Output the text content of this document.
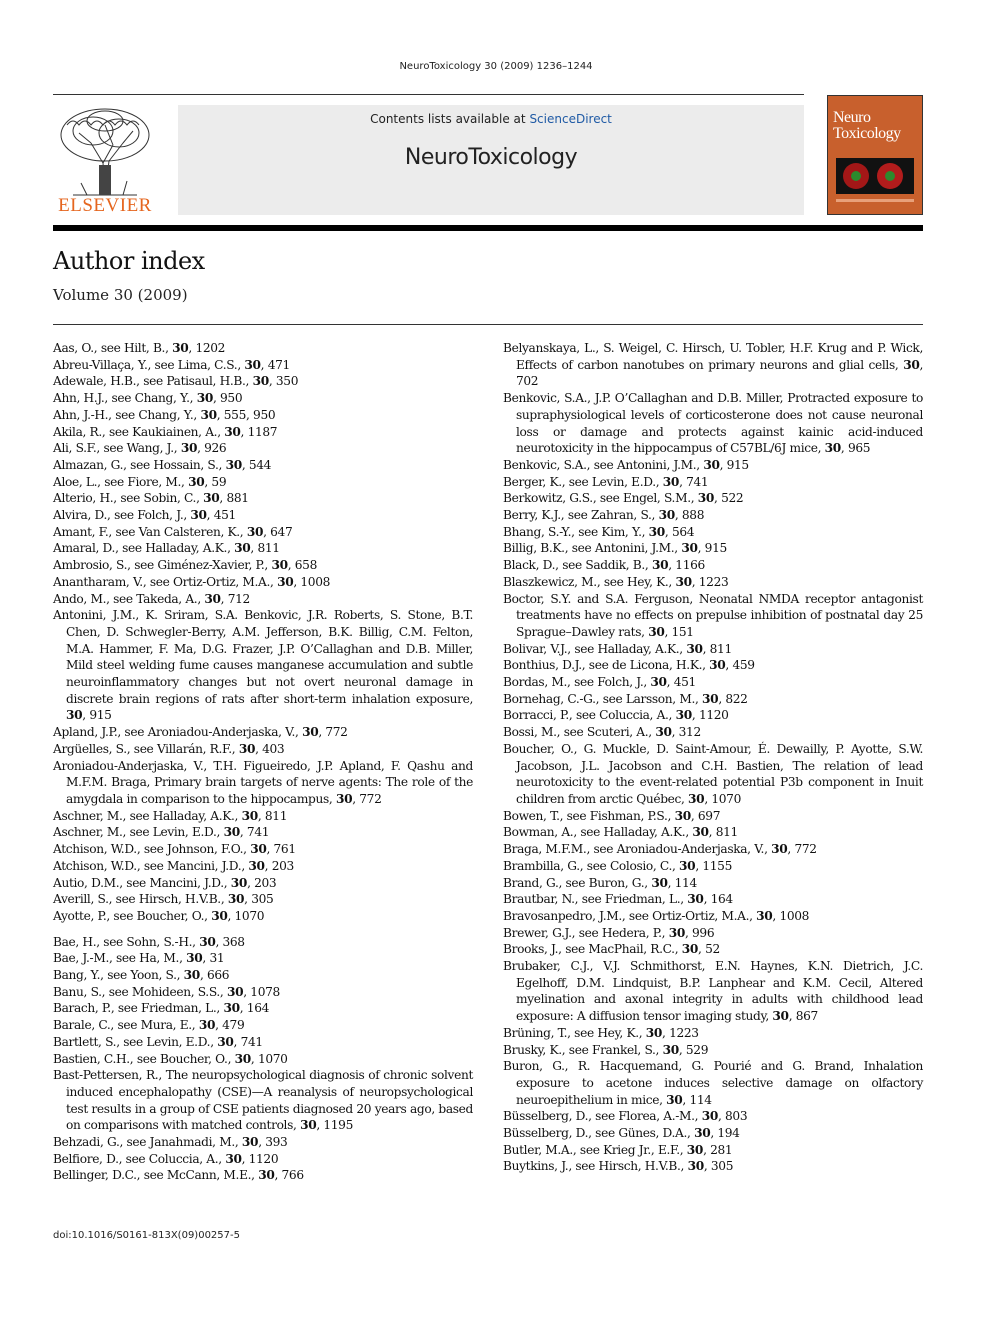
NeuroToxicology 30 (2009) 1236–1244
ELSEVIER
Contents lists available at ScienceDirect
NeuroToxicology
Neuro
Toxicology
Author index
Volume 30 (2009)
Aas, O., see Hilt, B., 30, 1202
Abreu-Villaça, Y., see Lima, C.S., 30, 471
Adewale, H.B., see Patisaul, H.B., 30, 350
Ahn, H.J., see Chang, Y., 30, 950
Ahn, J.-H., see Chang, Y., 30, 555, 950
Akila, R., see Kaukiainen, A., 30, 1187
Ali, S.F., see Wang, J., 30, 926
Almazan, G., see Hossain, S., 30, 544
Aloe, L., see Fiore, M., 30, 59
Alterio, H., see Sobin, C., 30, 881
Alvira, D., see Folch, J., 30, 451
Amant, F., see Van Calsteren, K., 30, 647
Amaral, D., see Halladay, A.K., 30, 811
Ambrosio, S., see Giménez-Xavier, P., 30, 658
Anantharam, V., see Ortiz-Ortiz, M.A., 30, 1008
Ando, M., see Takeda, A., 30, 712
Antonini, J.M., K. Sriram, S.A. Benkovic, J.R. Roberts, S. Stone, B.T. Chen, D. Schwegler-Berry, A.M. Jefferson, B.K. Billig, C.M. Felton, M.A. Hammer, F. Ma, D.G. Frazer, J.P. O’Callaghan and D.B. Miller, Mild steel welding fume causes manganese accumulation and subtle neuroinflammatory changes but not overt neuronal damage in discrete brain regions of rats after short-term inhalation exposure, 30, 915
Apland, J.P., see Aroniadou-Anderjaska, V., 30, 772
Argüelles, S., see Villarán, R.F., 30, 403
Aroniadou-Anderjaska, V., T.H. Figueiredo, J.P. Apland, F. Qashu and M.F.M. Braga, Primary brain targets of nerve agents: The role of the amygdala in comparison to the hippocampus, 30, 772
Aschner, M., see Halladay, A.K., 30, 811
Aschner, M., see Levin, E.D., 30, 741
Atchison, W.D., see Johnson, F.O., 30, 761
Atchison, W.D., see Mancini, J.D., 30, 203
Autio, D.M., see Mancini, J.D., 30, 203
Averill, S., see Hirsch, H.V.B., 30, 305
Ayotte, P., see Boucher, O., 30, 1070
Bae, H., see Sohn, S.-H., 30, 368
Bae, J.-M., see Ha, M., 30, 31
Bang, Y., see Yoon, S., 30, 666
Banu, S., see Mohideen, S.S., 30, 1078
Barach, P., see Friedman, L., 30, 164
Barale, C., see Mura, E., 30, 479
Bartlett, S., see Levin, E.D., 30, 741
Bastien, C.H., see Boucher, O., 30, 1070
Bast-Pettersen, R., The neuropsychological diagnosis of chronic solvent induced encephalopathy (CSE)—A reanalysis of neuropsychological test results in a group of CSE patients diagnosed 20 years ago, based on comparisons with matched controls, 30, 1195
Behzadi, G., see Janahmadi, M., 30, 393
Belfiore, D., see Coluccia, A., 30, 1120
Bellinger, D.C., see McCann, M.E., 30, 766
Belyanskaya, L., S. Weigel, C. Hirsch, U. Tobler, H.F. Krug and P. Wick, Effects of carbon nanotubes on primary neurons and glial cells, 30, 702
Benkovic, S.A., J.P. O’Callaghan and D.B. Miller, Protracted exposure to supraphysiological levels of corticosterone does not cause neuronal loss or damage and protects against kainic acid-induced neurotoxicity in the hippocampus of C57BL/6J mice, 30, 965
Benkovic, S.A., see Antonini, J.M., 30, 915
Berger, K., see Levin, E.D., 30, 741
Berkowitz, G.S., see Engel, S.M., 30, 522
Berry, K.J., see Zahran, S., 30, 888
Bhang, S.-Y., see Kim, Y., 30, 564
Billig, B.K., see Antonini, J.M., 30, 915
Black, D., see Saddik, B., 30, 1166
Blaszkewicz, M., see Hey, K., 30, 1223
Boctor, S.Y. and S.A. Ferguson, Neonatal NMDA receptor antagonist treatments have no effects on prepulse inhibition of postnatal day 25 Sprague–Dawley rats, 30, 151
Bolivar, V.J., see Halladay, A.K., 30, 811
Bonthius, D.J., see de Licona, H.K., 30, 459
Bordas, M., see Folch, J., 30, 451
Bornehag, C.-G., see Larsson, M., 30, 822
Borracci, P., see Coluccia, A., 30, 1120
Bossi, M., see Scuteri, A., 30, 312
Boucher, O., G. Muckle, D. Saint-Amour, É. Dewailly, P. Ayotte, S.W. Jacobson, J.L. Jacobson and C.H. Bastien, The relation of lead neurotoxicity to the event-related potential P3b component in Inuit children from arctic Québec, 30, 1070
Bowen, T., see Fishman, P.S., 30, 697
Bowman, A., see Halladay, A.K., 30, 811
Braga, M.F.M., see Aroniadou-Anderjaska, V., 30, 772
Brambilla, G., see Colosio, C., 30, 1155
Brand, G., see Buron, G., 30, 114
Brautbar, N., see Friedman, L., 30, 164
Bravosanpedro, J.M., see Ortiz-Ortiz, M.A., 30, 1008
Brewer, G.J., see Hedera, P., 30, 996
Brooks, J., see MacPhail, R.C., 30, 52
Brubaker, C.J., V.J. Schmithorst, E.N. Haynes, K.N. Dietrich, J.C. Egelhoff, D.M. Lindquist, B.P. Lanphear and K.M. Cecil, Altered myelination and axonal integrity in adults with childhood lead exposure: A diffusion tensor imaging study, 30, 867
Brüning, T., see Hey, K., 30, 1223
Brusky, K., see Frankel, S., 30, 529
Buron, G., R. Hacquemand, G. Pourié and G. Brand, Inhalation exposure to acetone induces selective damage on olfactory neuroepithelium in mice, 30, 114
Büsselberg, D., see Florea, A.-M., 30, 803
Büsselberg, D., see Günes, D.A., 30, 194
Butler, M.A., see Krieg Jr., E.F., 30, 281
Buytkins, J., see Hirsch, H.V.B., 30, 305
doi:10.1016/S0161-813X(09)00257-5
